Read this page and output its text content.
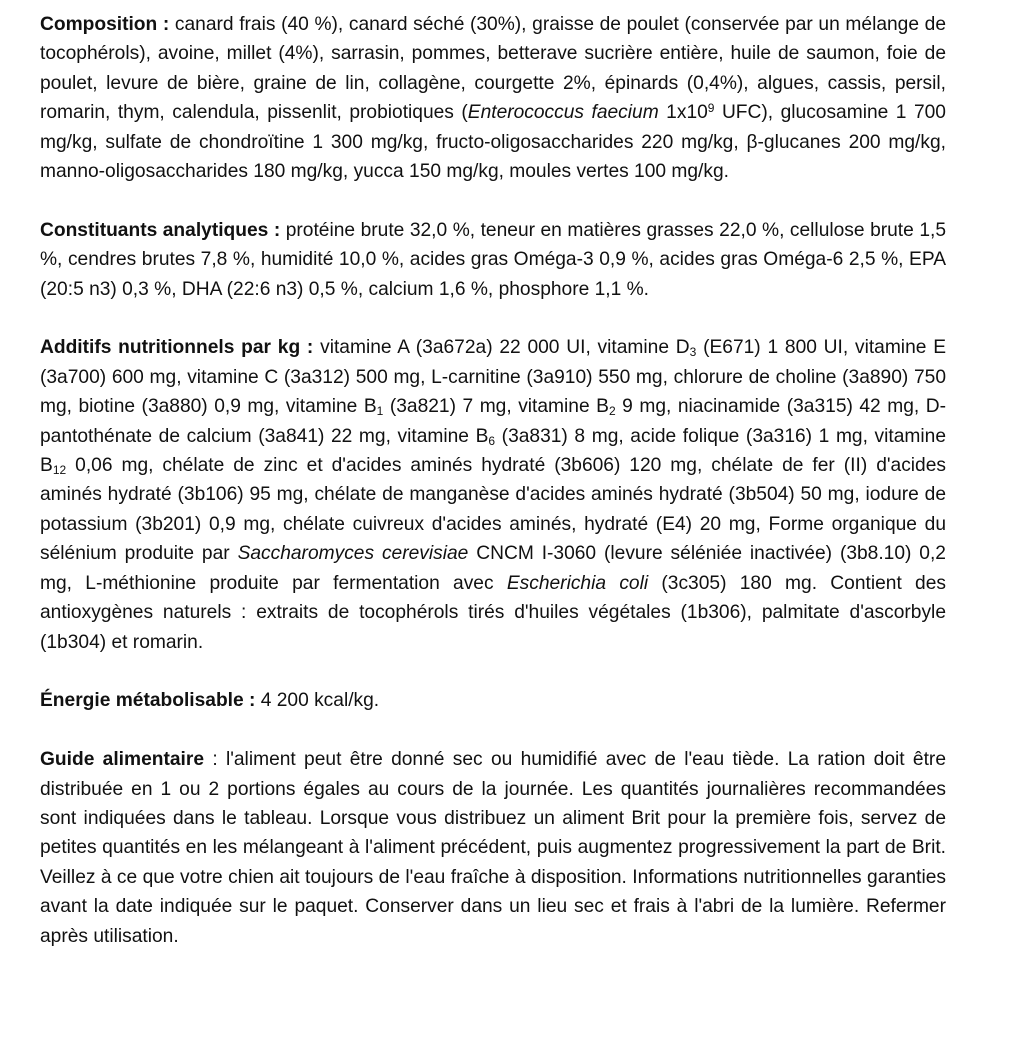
Composition : canard frais (40 %), canard séché (30%), graisse de poulet (conservée par un mélange de tocophérols), avoine, millet (4%), sarrasin, pommes, betterave sucrière entière, huile de saumon, foie de poulet, levure de bière, graine de lin, collagène, courgette 2%, épinards (0,4%), algues, cassis, persil, romarin, thym, calendula, pissenlit, probiotiques (Enterococcus faecium $1x10^9$ UFC), glucosamine 1 700 mg/kg, sulfate de chondroïtine 1 300 mg/kg, fructo-oligosaccharides 220 mg/kg, β-glucanes 200 mg/kg, manno-oligosaccharides 180 mg/kg, yucca 150 mg/kg, moules vertes 100 mg/kg.

Constituants analytiques : protéine brute 32,0 %, teneur en matières grasses 22,0 %, cellulose brute 1,5 %, cendres brutes 7,8 %, humidité 10,0 %, acides gras Oméga-3 0,9 %, acides gras Oméga-6 2,5 %, EPA (20:5 n3) 0,3 %, DHA (22:6 n3) 0,5 %, calcium 1,6 %, phosphore 1,1 %.

Additifs nutritionnels par kg : vitamine A (3a672a) 22 000 UI, vitamine $D_3$ (E671) 1 800 UI, vitamine E (3a700) 600 mg, vitamine C (3a312) 500 mg, L-carnitine (3a910) 550 mg, chlorure de choline (3a890) 750 mg, biotine (3a880) 0,9 mg, vitamine $B_1$ (3a821) 7 mg, vitamine $B_2$ 9 mg, niacinamide (3a315) 42 mg, D-pantothénate de calcium (3a841) 22 mg, vitamine $B_6$ (3a831) 8 mg, acide folique (3a316) 1 mg, vitamine $B_{12}$ 0,06 mg, chélate de zinc et d'acides aminés hydraté (3b606) 120 mg, chélate de fer (II) d'acides aminés hydraté (3b106) 95 mg, chélate de manganèse d'acides aminés hydraté (3b504) 50 mg, iodure de potassium (3b201) 0,9 mg, chélate cuivreux d'acides aminés, hydraté (E4) 20 mg, Forme organique du sélénium produite par Saccharomyces cerevisiae CNCM I-3060 (levure séléniée inactivée) (3b8.10) 0,2 mg, L-méthionine produite par fermentation avec Escherichia coli (3c305) 180 mg. Contient des antioxygènes naturels : extraits de tocophérols tirés d'huiles végétales (1b306), palmitate d'ascorbyle (1b304) et romarin.

Énergie métabolisable : 4 200 kcal/kg.

Guide alimentaire : l'aliment peut être donné sec ou humidifié avec de l'eau tiède. La ration doit être distribuée en 1 ou 2 portions égales au cours de la journée. Les quantités journalières recommandées sont indiquées dans le tableau. Lorsque vous distribuez un aliment Brit pour la première fois, servez de petites quantités en les mélangeant à l'aliment précédent, puis augmentez progressivement la part de Brit. Veillez à ce que votre chien ait toujours de l'eau fraîche à disposition. Informations nutritionnelles garanties avant la date indiquée sur le paquet. Conserver dans un lieu sec et frais à l'abri de la lumière. Refermer après utilisation.
